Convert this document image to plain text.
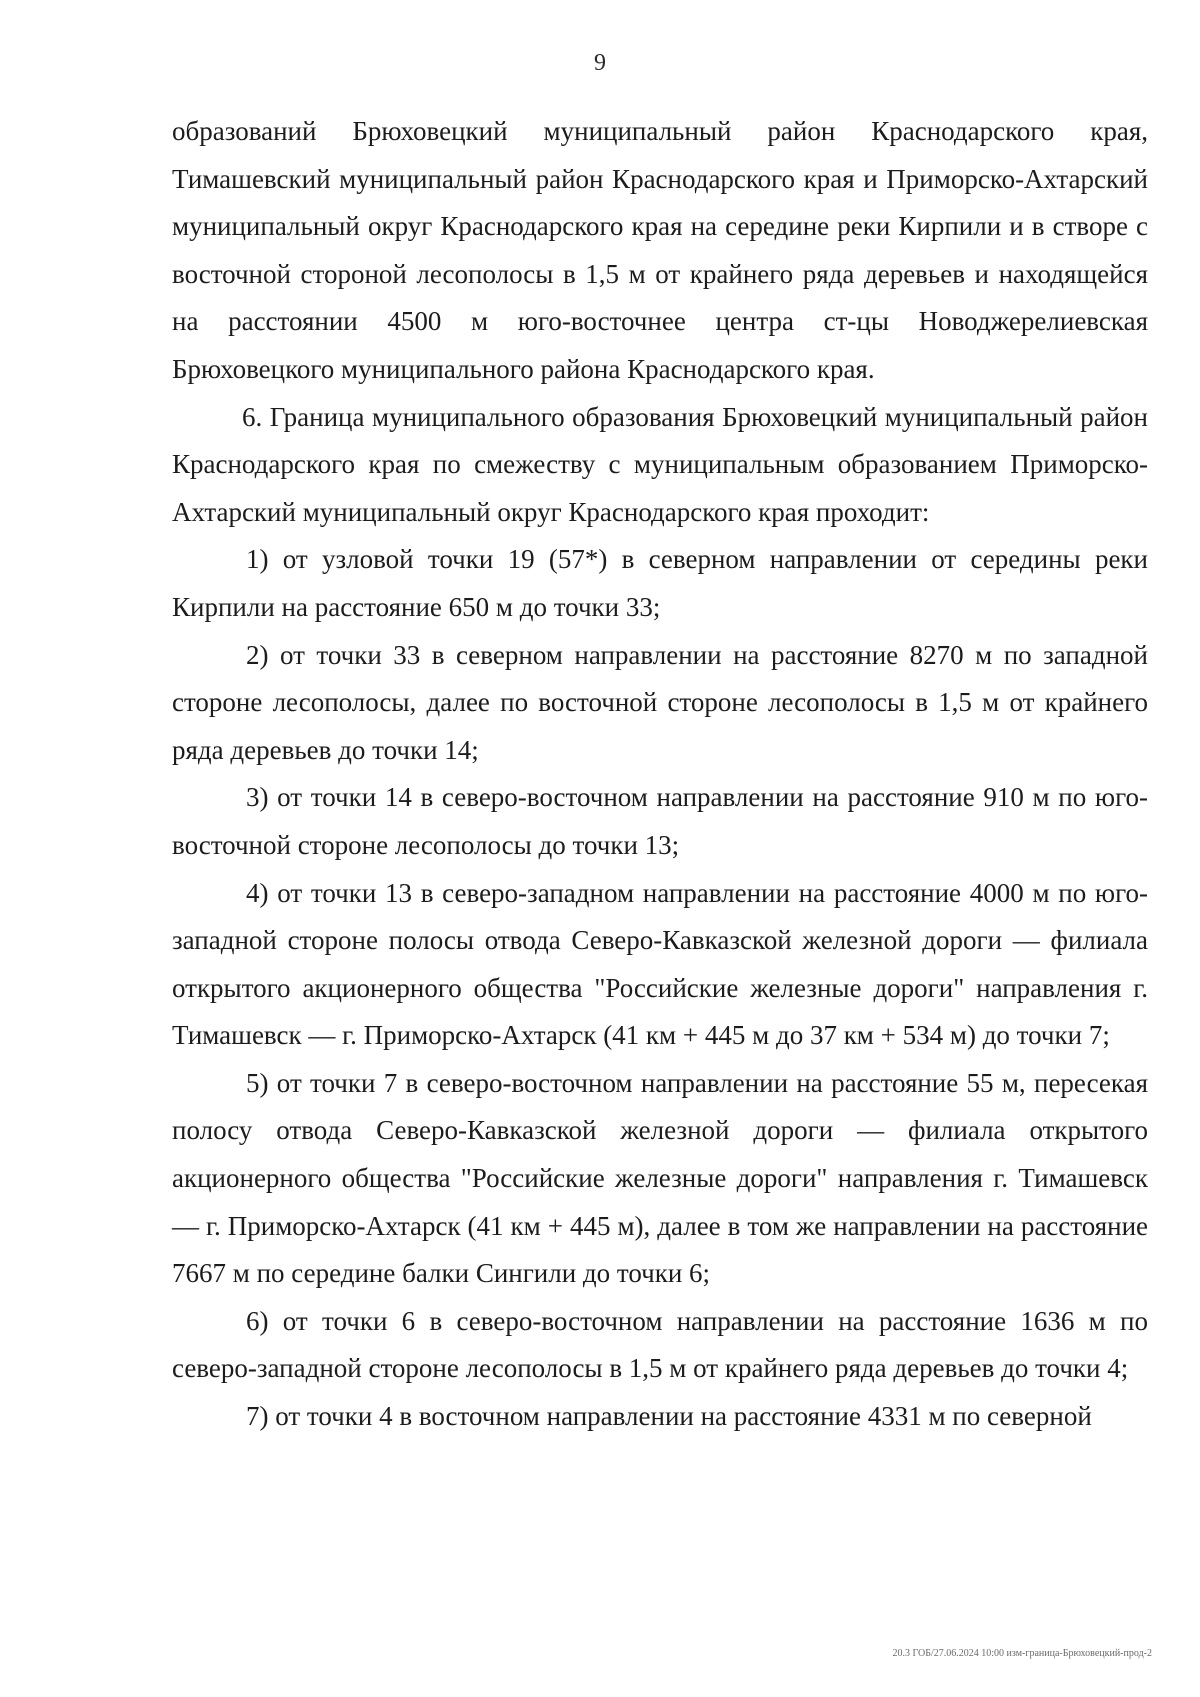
9

образований Брюховецкий муниципальный район Краснодарского края, Тимашевский муниципальный район Краснодарского края и Приморско-Ахтарский муниципальный округ Краснодарского края на середине реки Кирпили и в створе с восточной стороной лесополосы в 1,5 м от крайнего ряда деревьев и находящейся на расстоянии 4500 м юго-восточнее центра ст-цы Новоджерелиевская Брюховецкого муниципального района Краснодарского края.

6. Граница муниципального образования Брюховецкий муниципальный район Краснодарского края по смежеству с муниципальным образованием Приморско-Ахтарский муниципальный округ Краснодарского края проходит:

1) от узловой точки 19 (57*) в северном направлении от середины реки Кирпили на расстояние 650 м до точки 33;

2) от точки 33 в северном направлении на расстояние 8270 м по западной стороне лесополосы, далее по восточной стороне лесополосы в 1,5 м от крайнего ряда деревьев до точки 14;

3) от точки 14 в северо-восточном направлении на расстояние 910 м по юго-восточной стороне лесополосы до точки 13;

4) от точки 13 в северо-западном направлении на расстояние 4000 м по юго-западной стороне полосы отвода Северо-Кавказской железной дороги — филиала открытого акционерного общества "Российские железные дороги" направления г. Тимашевск — г. Приморско-Ахтарск (41 км + 445 м до 37 км + 534 м) до точки 7;

5) от точки 7 в северо-восточном направлении на расстояние 55 м, пересекая полосу отвода Северо-Кавказской железной дороги — филиала открытого акционерного общества "Российские железные дороги" направления г. Тимашевск — г. Приморско-Ахтарск (41 км + 445 м), далее в том же направлении на расстояние 7667 м по середине балки Сингили до точки 6;

6) от точки 6 в северо-восточном направлении на расстояние 1636 м по северо-западной стороне лесополосы в 1,5 м от крайнего ряда деревьев до точки 4;

7) от точки 4 в восточном направлении на расстояние 4331 м по северной

20.3 ГОБ/27.06.2024 10:00 изм-граница-Брюховецкий-прод-2
